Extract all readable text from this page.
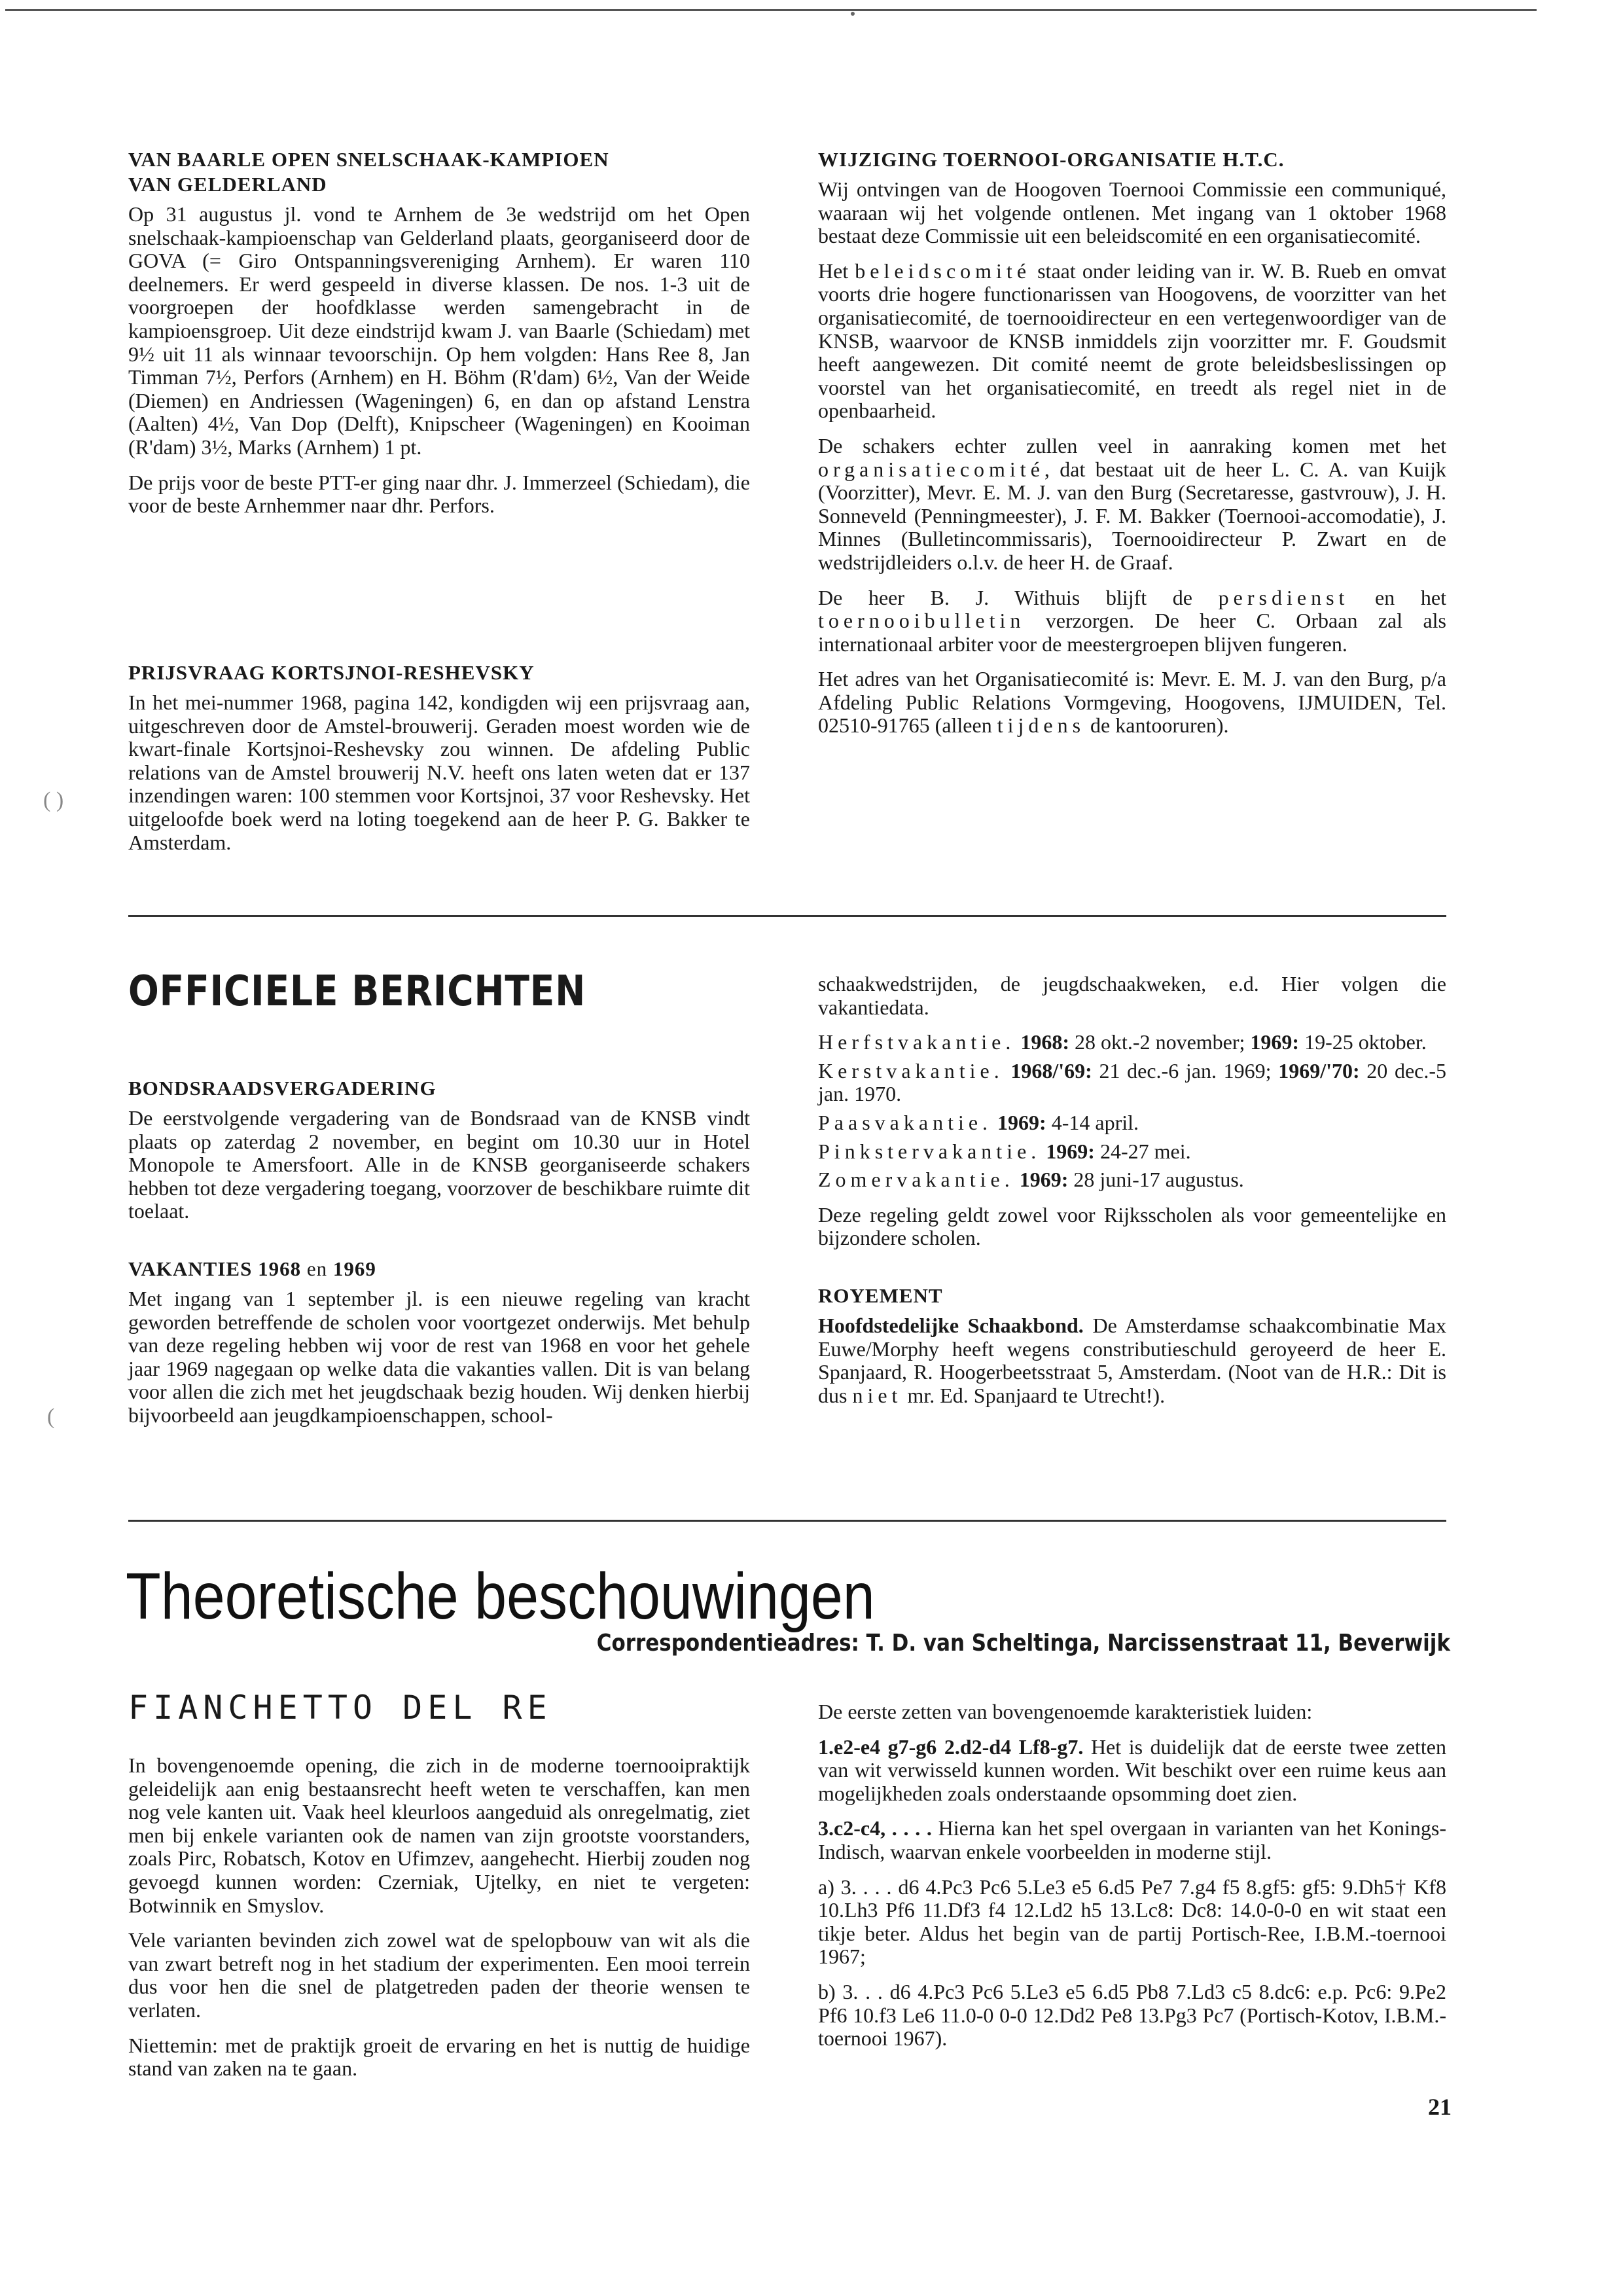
VAN BAARLE OPEN SNELSCHAAK-KAMPIOEN
VAN GELDERLAND

Op 31 augustus jl. vond te Arnhem de 3e wedstrijd om het Open snelschaak-kampioenschap van Gelderland plaats, georganiseerd door de GOVA (= Giro Ontspanningsvereniging Arnhem). Er waren 110 deelnemers. Er werd gespeeld in diverse klassen. De nos. 1-3 uit de voorgroepen der hoofdklasse werden samengebracht in de kampioensgroep. Uit deze eindstrijd kwam J. van Baarle (Schiedam) met 9½ uit 11 als winnaar tevoorschijn. Op hem volgden: Hans Ree 8, Jan Timman 7½, Perfors (Arnhem) en H. Böhm (R'dam) 6½, Van der Weide (Diemen) en Andriessen (Wageningen) 6, en dan op afstand Lenstra (Aalten) 4½, Van Dop (Delft), Knipscheer (Wageningen) en Kooiman (R'dam) 3½, Marks (Arnhem) 1 pt.

De prijs voor de beste PTT-er ging naar dhr. J. Immerzeel (Schiedam), die voor de beste Arnhemmer naar dhr. Perfors.

PRIJSVRAAG KORTSJNOI-RESHEVSKY

In het mei-nummer 1968, pagina 142, kondigden wij een prijsvraag aan, uitgeschreven door de Amstel-brouwerij. Geraden moest worden wie de kwart-finale Kortsjnoi-Reshevsky zou winnen. De afdeling Public relations van de Amstel brouwerij N.V. heeft ons laten weten dat er 137 inzendingen waren: 100 stemmen voor Kortsjnoi, 37 voor Reshevsky. Het uitgeloofde boek werd na loting toegekend aan de heer P. G. Bakker te Amsterdam.

WIJZIGING TOERNOOI-ORGANISATIE H.T.C.

Wij ontvingen van de Hoogoven Toernooi Commissie een communiqué, waaraan wij het volgende ontlenen. Met ingang van 1 oktober 1968 bestaat deze Commissie uit een beleidscomité en een organisatiecomité.

Het beleidscomité staat onder leiding van ir. W. B. Rueb en omvat voorts drie hogere functionarissen van Hoogovens, de voorzitter van het organisatiecomité, de toernooidirecteur en een vertegenwoordiger van de KNSB, waarvoor de KNSB inmiddels zijn voorzitter mr. F. Goudsmit heeft aangewezen. Dit comité neemt de grote beleidsbeslissingen op voorstel van het organisatiecomité, en treedt als regel niet in de openbaarheid.

De schakers echter zullen veel in aanraking komen met het organisatiecomité, dat bestaat uit de heer L. C. A. van Kuijk (Voorzitter), Mevr. E. M. J. van den Burg (Secretaresse, gastvrouw), J. H. Sonneveld (Penningmeester), J. F. M. Bakker (Toernooi-accomodatie), J. Minnes (Bulletincommissaris), Toernooidirecteur P. Zwart en de wedstrijdleiders o.l.v. de heer H. de Graaf.

De heer B. J. Withuis blijft de persdienst en het toernooibulletin verzorgen. De heer C. Orbaan zal als internationaal arbiter voor de meestergroepen blijven fungeren.

Het adres van het Organisatiecomité is: Mevr. E. M. J. van den Burg, p/a Afdeling Public Relations Vormgeving, Hoogovens, IJMUIDEN, Tel. 02510-91765 (alleen tijdens de kantooruren).

OFFICIELE BERICHTEN
BONDSRAADSVERGADERING

De eerstvolgende vergadering van de Bondsraad van de KNSB vindt plaats op zaterdag 2 november, en begint om 10.30 uur in Hotel Monopole te Amersfoort. Alle in de KNSB georganiseerde schakers hebben tot deze vergadering toegang, voorzover de beschikbare ruimte dit toelaat.

VAKANTIES 1968 en 1969

Met ingang van 1 september jl. is een nieuwe regeling van kracht geworden betreffende de scholen voor voortgezet onderwijs. Met behulp van deze regeling hebben wij voor de rest van 1968 en voor het gehele jaar 1969 nagegaan op welke data die vakanties vallen. Dit is van belang voor allen die zich met het jeugdschaak bezig houden. Wij denken hierbij bijvoorbeeld aan jeugdkampioenschappen, school-

schaakwedstrijden, de jeugdschaakweken, e.d. Hier volgen die vakantiedata.

Herfstvakantie. 1968: 28 okt.-2 november; 1969: 19-25 oktober.

Kerstvakantie. 1968/'69: 21 dec.-6 jan. 1969; 1969/'70: 20 dec.-5 jan. 1970.

Paasvakantie. 1969: 4-14 april.

Pinkstervakantie. 1969: 24-27 mei.

Zomervakantie. 1969: 28 juni-17 augustus.

Deze regeling geldt zowel voor Rijksscholen als voor gemeentelijke en bijzondere scholen.

ROYEMENT

Hoofdstedelijke Schaakbond. De Amsterdamse schaakcombinatie Max Euwe/Morphy heeft wegens constributieschuld geroyeerd de heer E. Spanjaard, R. Hoogerbeetsstraat 5, Amsterdam. (Noot van de H.R.: Dit is dus niet mr. Ed. Spanjaard te Utrecht!).

Theoretische beschouwingen
Correspondentieadres: T. D. van Scheltinga, Narcissenstraat 11, Beverwijk
FIANCHETTO DEL RE

In bovengenoemde opening, die zich in de moderne toernooipraktijk geleidelijk aan enig bestaansrecht heeft weten te verschaffen, kan men nog vele kanten uit. Vaak heel kleurloos aangeduid als onregelmatig, ziet men bij enkele varianten ook de namen van zijn grootste voorstanders, zoals Pirc, Robatsch, Kotov en Ufimzev, aangehecht. Hierbij zouden nog gevoegd kunnen worden: Czerniak, Ujtelky, en niet te vergeten: Botwinnik en Smyslov.

Vele varianten bevinden zich zowel wat de spelopbouw van wit als die van zwart betreft nog in het stadium der experimenten. Een mooi terrein dus voor hen die snel de platgetreden paden der theorie wensen te verlaten.

Niettemin: met de praktijk groeit de ervaring en het is nuttig de huidige stand van zaken na te gaan.

De eerste zetten van bovengenoemde karakteristiek luiden:

1.e2-e4 g7-g6 2.d2-d4 Lf8-g7. Het is duidelijk dat de eerste twee zetten van wit verwisseld kunnen worden. Wit beschikt over een ruime keus aan mogelijkheden zoals onderstaande opsomming doet zien.

3.c2-c4, . . . . Hierna kan het spel overgaan in varianten van het Konings-Indisch, waarvan enkele voorbeelden in moderne stijl.

a) 3. . . . d6 4.Pc3 Pc6 5.Le3 e5 6.d5 Pe7 7.g4 f5 8.gf5: gf5: 9.Dh5† Kf8 10.Lh3 Pf6 11.Df3 f4 12.Ld2 h5 13.Lc8: Dc8: 14.0-0-0 en wit staat een tikje beter. Aldus het begin van de partij Portisch-Ree, I.B.M.-toernooi 1967;

b) 3. . . d6 4.Pc3 Pc6 5.Le3 e5 6.d5 Pb8 7.Ld3 c5 8.dc6: e.p. Pc6: 9.Pe2 Pf6 10.f3 Le6 11.0-0 0-0 12.Dd2 Pe8 13.Pg3 Pc7 (Portisch-Kotov, I.B.M.-toernooi 1967).

21
( )
(
